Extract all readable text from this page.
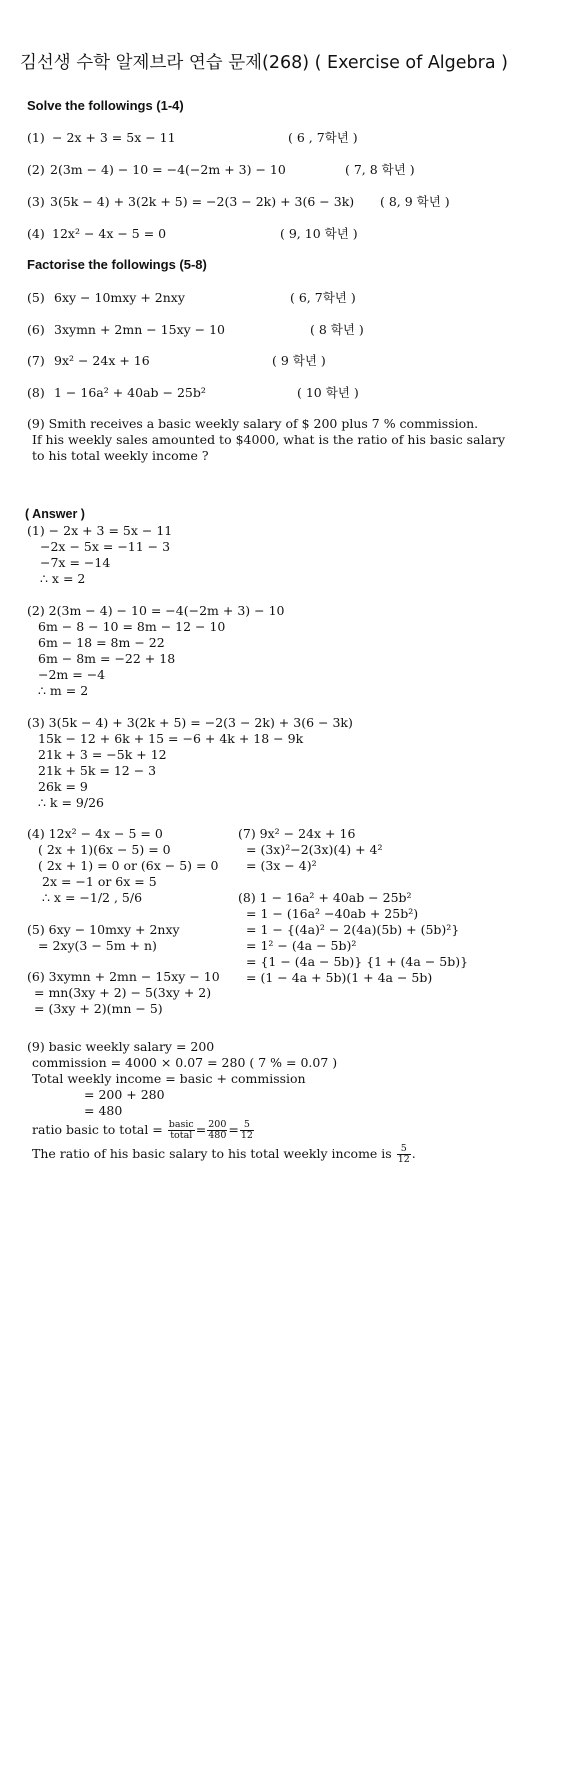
김선생 수학 알제브라 연습 문제(268) ( Exercise of Algebra )
Solve the followings (1-4)
(1) − 2x + 3 = 5x − 11	( 6 , 7학년 )
(2) 2(3m − 4) − 10 = −4(−2m + 3) − 10	( 7, 8 학년 )
(3) 3(5k − 4) + 3(2k + 5) = −2(3 − 2k) + 3(6 − 3k) ( 8, 9 학년 )
(4) 12x² − 4x − 5 = 0	( 9, 10 학년 )
Factorise the followings (5-8)
(5) 6xy − 10mxy + 2nxy	( 6, 7학년 )
(6) 3xymn + 2mn − 15xy − 10	( 8 학년 )
(7) 9x² − 24x + 16	( 9 학년 )
(8) 1 − 16a² + 40ab − 25b²	( 10 학년 )
(9) Smith receives a basic weekly salary of $ 200 plus 7 % commission.
If his weekly sales amounted to $4000, what is the ratio of his basic salary
to his total weekly income ?
( Answer )
(1) − 2x + 3 = 5x − 11
−2x − 5x = −11 − 3
−7x = −14
∴ x = 2
(2) 2(3m − 4) − 10 = −4(−2m + 3) − 10
6m − 8 − 10 = 8m − 12 − 10
6m − 18 = 8m − 22
6m − 8m = −22 + 18
−2m = −4
∴ m = 2
(3) 3(5k − 4) + 3(2k + 5) = −2(3 − 2k) + 3(6 − 3k)
15k − 12 + 6k + 15 = −6 + 4k + 18 − 9k
21k + 3 = −5k + 12
21k + 5k = 12 − 3
26k = 9
∴ k = 9/26
(4) 12x² − 4x − 5 = 0
( 2x + 1)(6x − 5) = 0
( 2x + 1) = 0 or (6x − 5) = 0
2x = −1 or 6x = 5
∴ x = −1/2 , 5/6
(5) 6xy − 10mxy + 2nxy
= 2xy(3 − 5m + n)
(6) 3xymn + 2mn − 15xy − 10
= mn(3xy + 2) − 5(3xy + 2)
= (3xy + 2)(mn − 5)
(7) 9x² − 24x + 16
= (3x)²−2(3x)(4) + 4²
= (3x − 4)²
(8) 1 − 16a² + 40ab − 25b²
= 1 − (16a² −40ab + 25b²)
= 1 − {(4a)² − 2(4a)(5b) + (5b)²}
= 1² − (4a − 5b)²
= {1 − (4a − 5b)} {1 + (4a − 5b)}
= (1 − 4a + 5b)(1 + 4a − 5b)
(9) basic weekly salary = 200
commission = 4000 × 0.07 = 280 ( 7 % = 0.07 )
Total weekly income = basic + commission
= 200 + 280
= 480
ratio basic to total = basic
total = $\frac{200}{480} = \frac{5}{12}$
The ratio of his basic salary to his total weekly income is $\frac{5}{12}$ .
